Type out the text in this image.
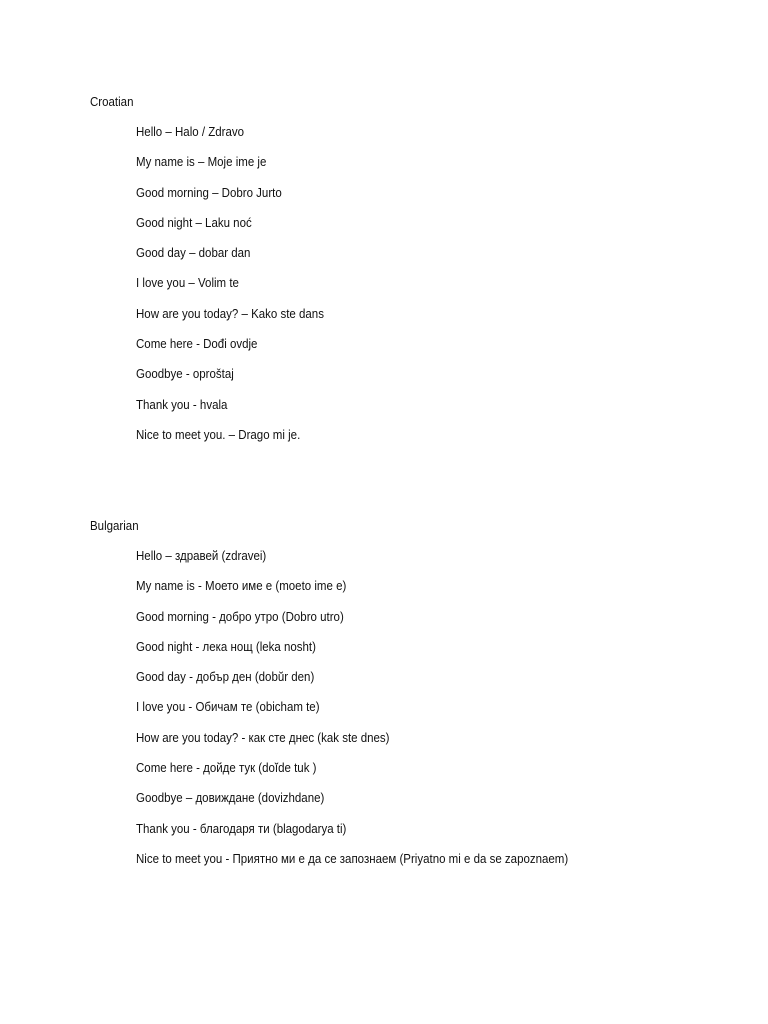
Croatian
Hello – Halo / Zdravo
My name is – Moje ime je
Good morning – Dobro Jurto
Good night – Laku noć
Good day – dobar dan
I love you – Volim te
How are you today? – Kako ste dans
Come here - Dođi ovdje
Goodbye - oproštaj
Thank you - hvala
Nice to meet you. – Drago mi je.
Bulgarian
Hello – здравей (zdravei)
My name is - Моето име е (moeto ime e)
Good morning - добро утро (Dobro utro)
Good night - лека нощ (leka nosht)
Good day - добър ден (dobŭr den)
I love you - Обичам те (obicham te)
How are you today? - как сте днес (kak ste dnes)
Come here - дойде тук (doĭde tuk )
Goodbye – довиждане (dovizhdane)
Thank you - благодаря ти (blagodarya ti)
Nice to meet you - Приятно ми е да се запознаем (Priyatno mi e da se zapoznaem)
